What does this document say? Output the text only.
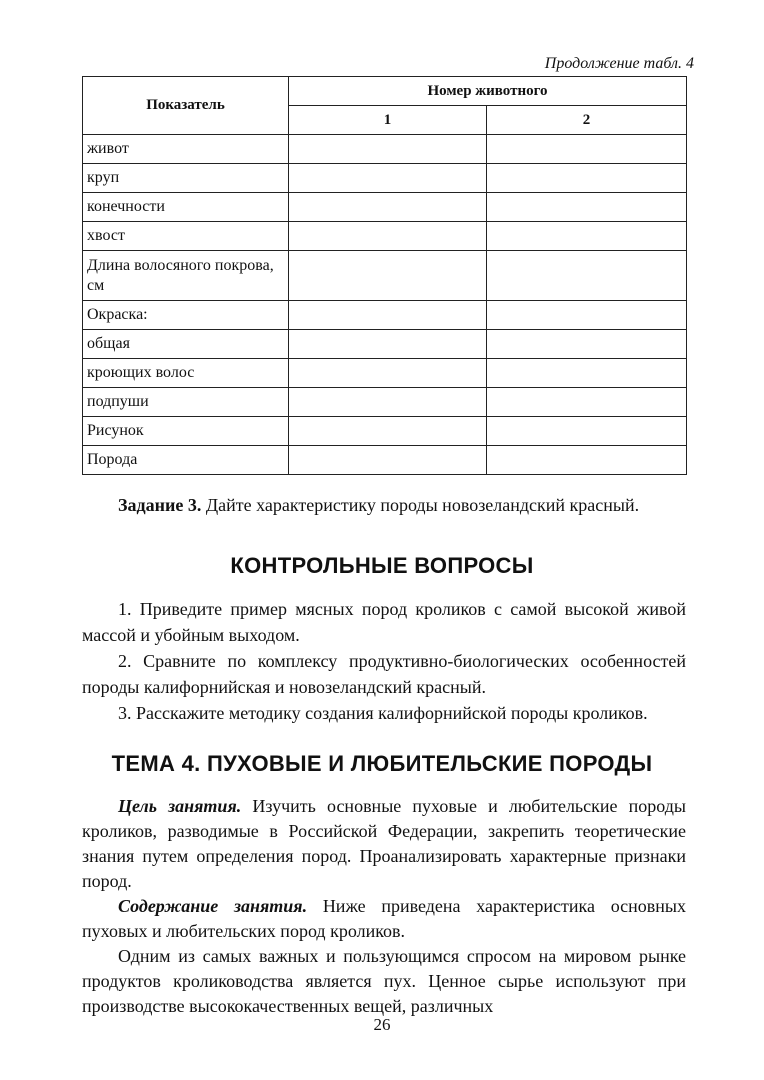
Продолжение табл. 4
Показатель	Номер животного	
	1	2
живот		
круп		
конечности		
хвост		
Длина волосяного покрова, см		
Окраска:		
общая		
кроющих волос		
подпуши		
Рисунок		
Порода		
Задание 3. Дайте характеристику породы новозеландский красный.
КОНТРОЛЬНЫЕ ВОПРОСЫ

1. Приведите пример мясных пород кроликов с самой высокой живой массой и убойным выходом.

2. Сравните по комплексу продуктивно-биологических особенностей породы калифорнийская и новозеландский красный.

3. Расскажите методику создания калифорнийской породы кроликов.

ТЕМА 4. ПУХОВЫЕ И ЛЮБИТЕЛЬСКИЕ ПОРОДЫ

Цель занятия. Изучить основные пуховые и любительские породы кроликов, разводимые в Российской Федерации, закрепить теоретические знания путем определения пород. Проанализировать характерные признаки пород.

Содержание занятия. Ниже приведена характеристика основных пуховых и любительских пород кроликов.

Одним из самых важных и пользующимся спросом на мировом рынке продуктов кролиководства является пух. Ценное сырье используют при производстве высококачественных вещей, различных

26
